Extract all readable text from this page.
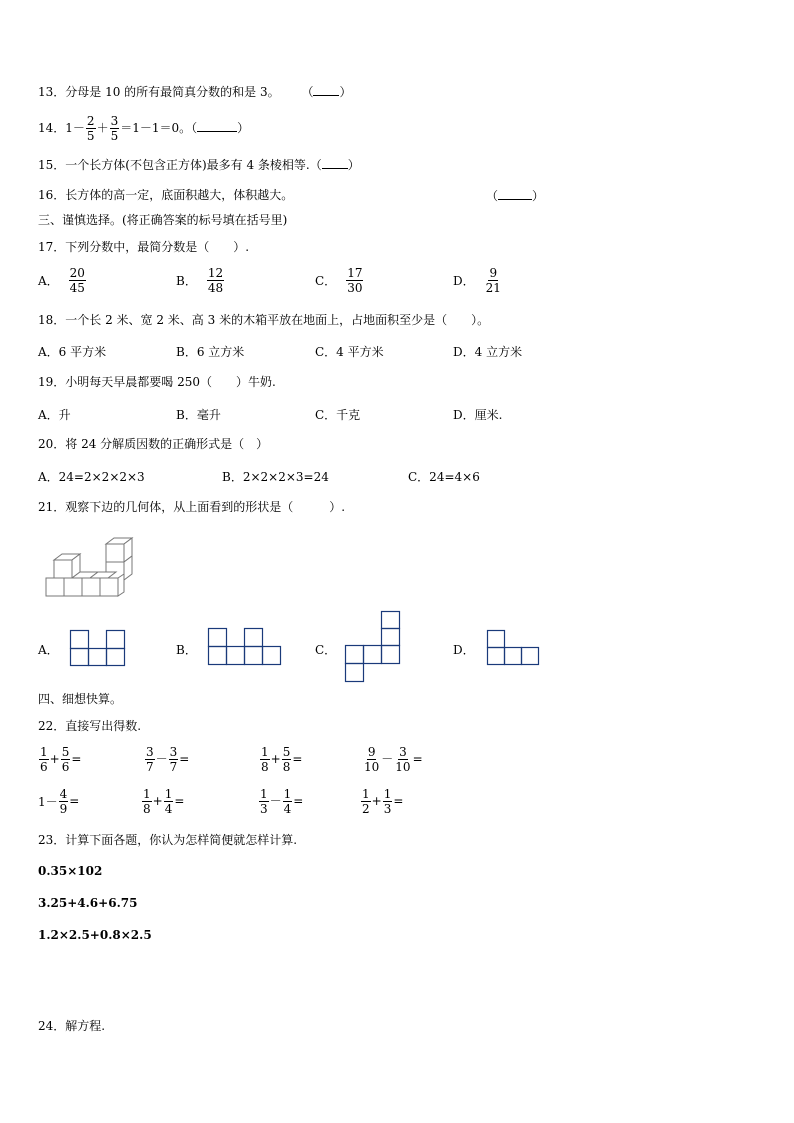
13．分母是 10 的所有最简真分数的和是 3。 （ ）
14．$1- \frac{2}{5} + \frac{3}{5} =1-1=0$。（	）
15．一个长方体(不包含正方体)最多有 4 条棱相等.（ ）
16．长方体的高一定，底面积越大，体积越大。	（	）
三、谨慎选择。(将正确答案的标号填在括号里)
17．下列分数中，最简分数是（　　）.
A． $\frac{20}{45}$	B． $\frac{12}{48}$	C． $\frac{17}{30}$	D． $\frac{9}{21}$
18．一个长 2 米、宽 2 米、高 3 米的木箱平放在地面上，占地面积至少是（　　）。
A．6 平方米	B．6 立方米	C．4 平方米	D．4 立方米
19．小明每天早晨都要喝 250（　　）牛奶.
A．升	B．毫升	C．千克	D．厘米.
20．将 24 分解质因数的正确形式是（　）
A．24=2×2×2×3	B．2×2×2×3=24	C．24=4×6
21．观察下边的几何体，从上面看到的形状是（　　　）.
A．	B．	C．	D．
四、细想快算。
22．直接写出得数.
$\frac{1}{6} + \frac{5}{6}$ =	$\frac{3}{7} - \frac{3}{7}$ =	$\frac{1}{8} + \frac{5}{8}$ =	$\frac{9}{10} - \frac{3}{10}$ =
$1- \frac{4}{9}$ =	$\frac{1}{8} + \frac{1}{4}$ =	$\frac{1}{3} - \frac{1}{4}$ =	$\frac{1}{2} + \frac{1}{3}$ =
23．计算下面各题，你认为怎样简便就怎样计算.
0.35×102
3.25+4.6+6.75
1.2×2.5+0.8×2.5
24．解方程.
